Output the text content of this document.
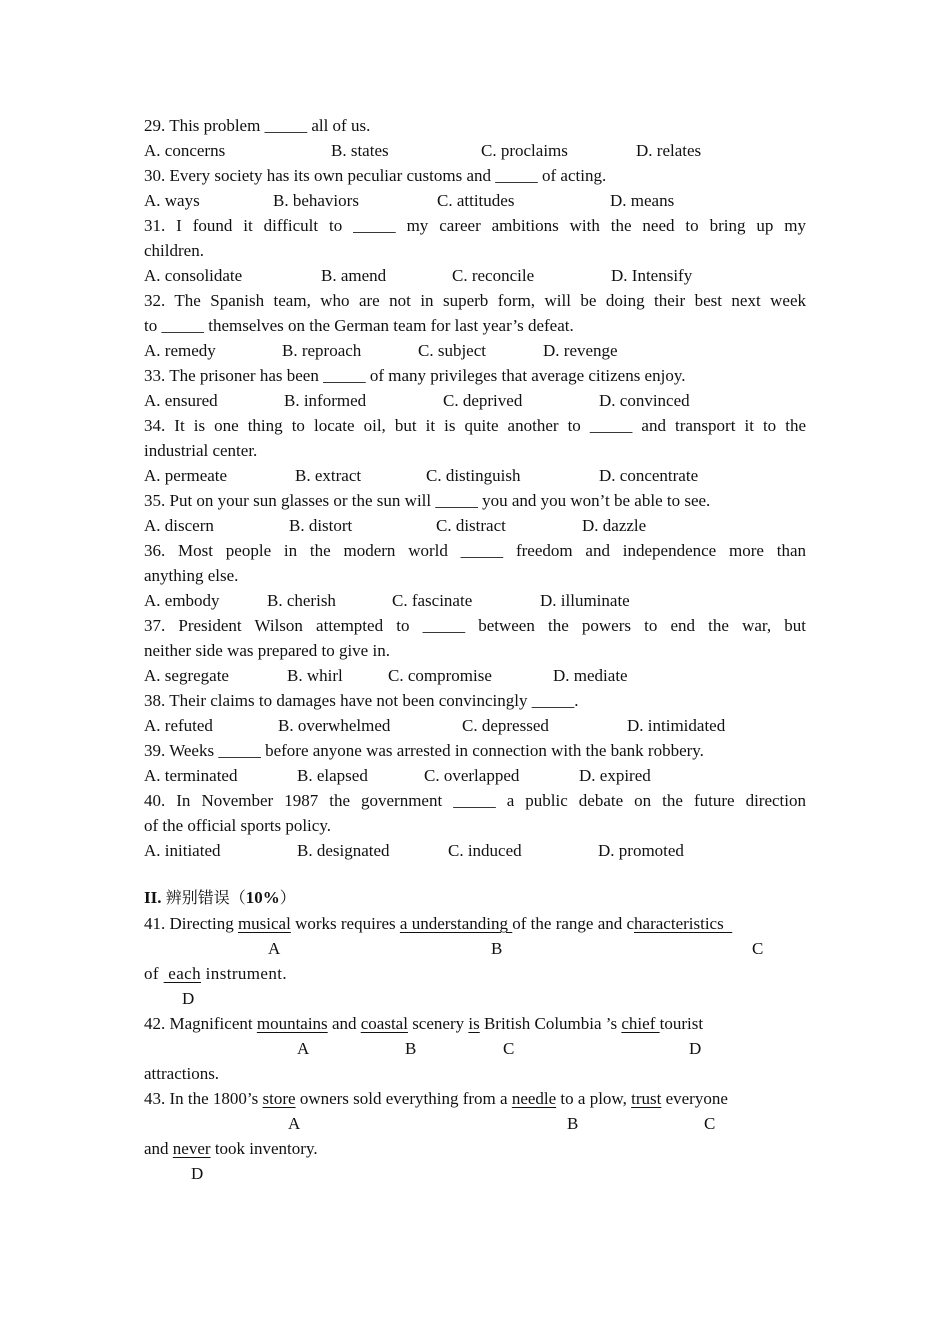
29. This problem _____ all of us.
A. concerns	B. states	C. proclaims	D. relates
30. Every society has its own peculiar customs and _____ of acting.
A. ways	B. behaviors	C. attitudes	D. means
31. I found it difficult to _____ my career ambitions with the need to bring up my
children.
A. consolidate	B. amend	C. reconcile	D. Intensify
32. The Spanish team, who are not in superb form, will be doing their best next week
to _____ themselves on the German team for last year’s defeat.
A. remedy	B. reproach	C. subject	D. revenge
33. The prisoner has been _____ of many privileges that average citizens enjoy.
A. ensured	B. informed	C. deprived	D. convinced
34. It is one thing to locate oil, but it is quite another to _____ and transport it to the
industrial center.
A. permeate	B. extract	C. distinguish	D. concentrate
35. Put on your sun glasses or the sun will _____ you and you won’t be able to see.
A. discern	B. distort	C. distract	D. dazzle
36. Most people in the modern world _____ freedom and independence more than
anything else.
A. embody	B. cherish	C. fascinate	D. illuminate
37. President Wilson attempted to _____ between the powers to end the war, but
neither side was prepared to give in.
A. segregate	B. whirl	C. compromise	D. mediate
38. Their claims to damages have not been convincingly _____.
A. refuted	B. overwhelmed	C. depressed	D. intimidated
39. Weeks _____ before anyone was arrested in connection with the bank robbery.
A. terminated	B. elapsed	C. overlapped	D. expired
40. In November 1987 the government _____ a public debate on the future direction
of the official sports policy.
A. initiated	B. designated	C. induced	D. promoted
II. 辨别错误（10%）
41. Directing musical works requires a understanding of the range and characteristics
A	B	C
of  each instrument.
D
42. Magnificent mountains and coastal scenery is British Columbia ’s chief tourist
A	B	C	D
attractions.
43. In the 1800’s store owners sold everything from a needle to a plow, trust everyone
A	B	C
and never took inventory.
D
